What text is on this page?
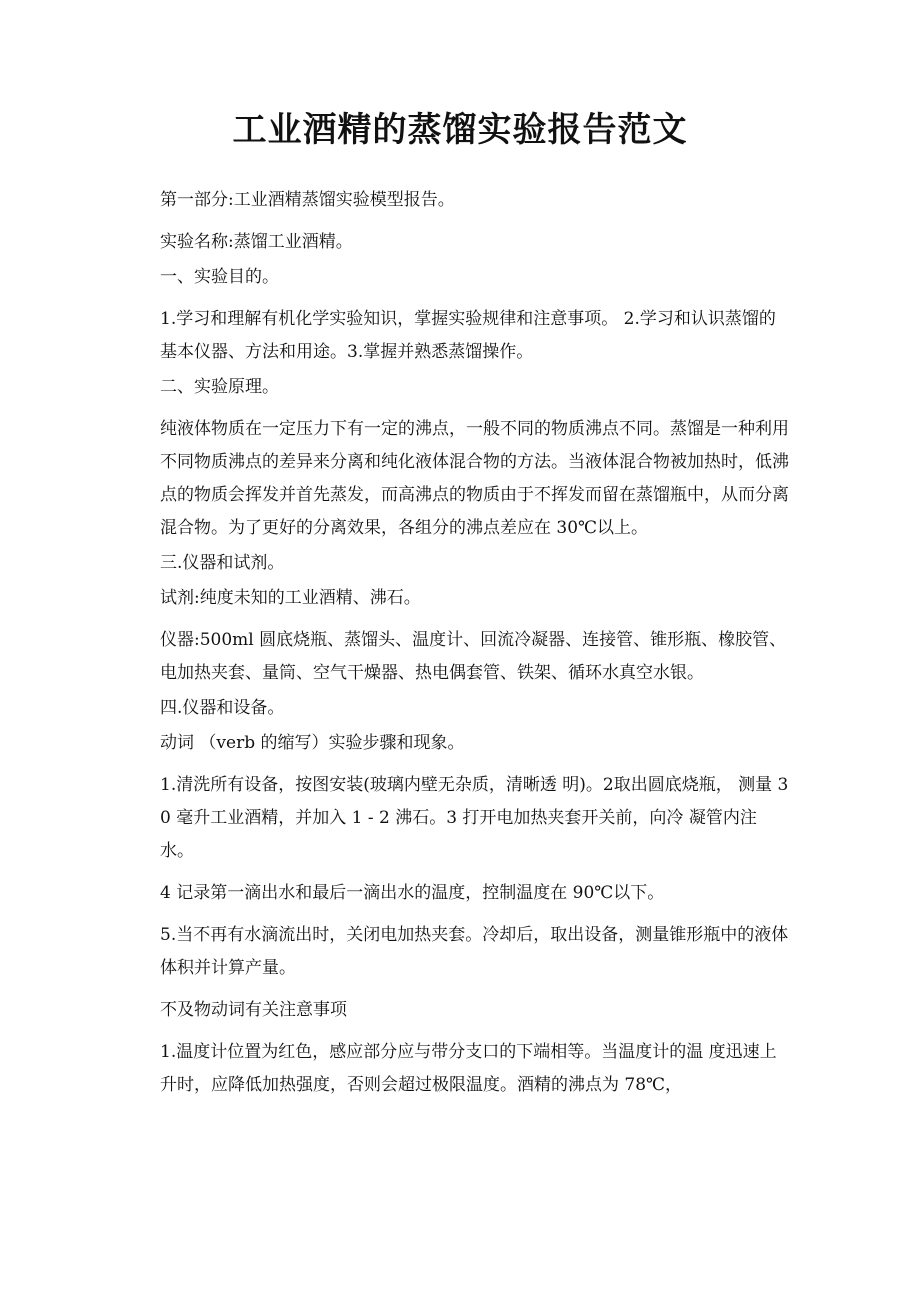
工业酒精的蒸馏实验报告范文

第一部分:工业酒精蒸馏实验模型报告。

实验名称:蒸馏工业酒精。

一、实验目的。

1.学习和理解有机化学实验知识，掌握实验规律和注意事项。 2.学习和认识蒸馏的基本仪器、方法和用途。3.掌握并熟悉蒸馏操作。

二、实验原理。

纯液体物质在一定压力下有一定的沸点，一般不同的物质沸点不同。蒸馏是一种利用不同物质沸点的差异来分离和纯化液体混合物的方法。当液体混合物被加热时，低沸点的物质会挥发并首先蒸发，而高沸点的物质由于不挥发而留在蒸馏瓶中，从而分离混合物。为了更好的分离效果，各组分的沸点差应在 30℃以上。

三.仪器和试剂。

试剂:纯度未知的工业酒精、沸石。

仪器:500ml 圆底烧瓶、蒸馏头、温度计、回流冷凝器、连接管、锥形瓶、橡胶管、电加热夹套、量筒、空气干燥器、热电偶套管、铁架、循环水真空水银。

四.仪器和设备。

动词 （verb 的缩写）实验步骤和现象。

1.清洗所有设备，按图安装(玻璃内壁无杂质，清晰透 明)。2取出圆底烧瓶， 测量 30 毫升工业酒精，并加入 1 - 2 沸石。3 打开电加热夹套开关前，向冷 凝管内注水。

4 记录第一滴出水和最后一滴出水的温度，控制温度在 90℃以下。

5.当不再有水滴流出时，关闭电加热夹套。冷却后，取出设备，测量锥形瓶中的液体体积并计算产量。

不及物动词有关注意事项

1.温度计位置为红色，感应部分应与带分支口的下端相等。当温度计的温 度迅速上升时，应降低加热强度，否则会超过极限温度。酒精的沸点为 78℃，
